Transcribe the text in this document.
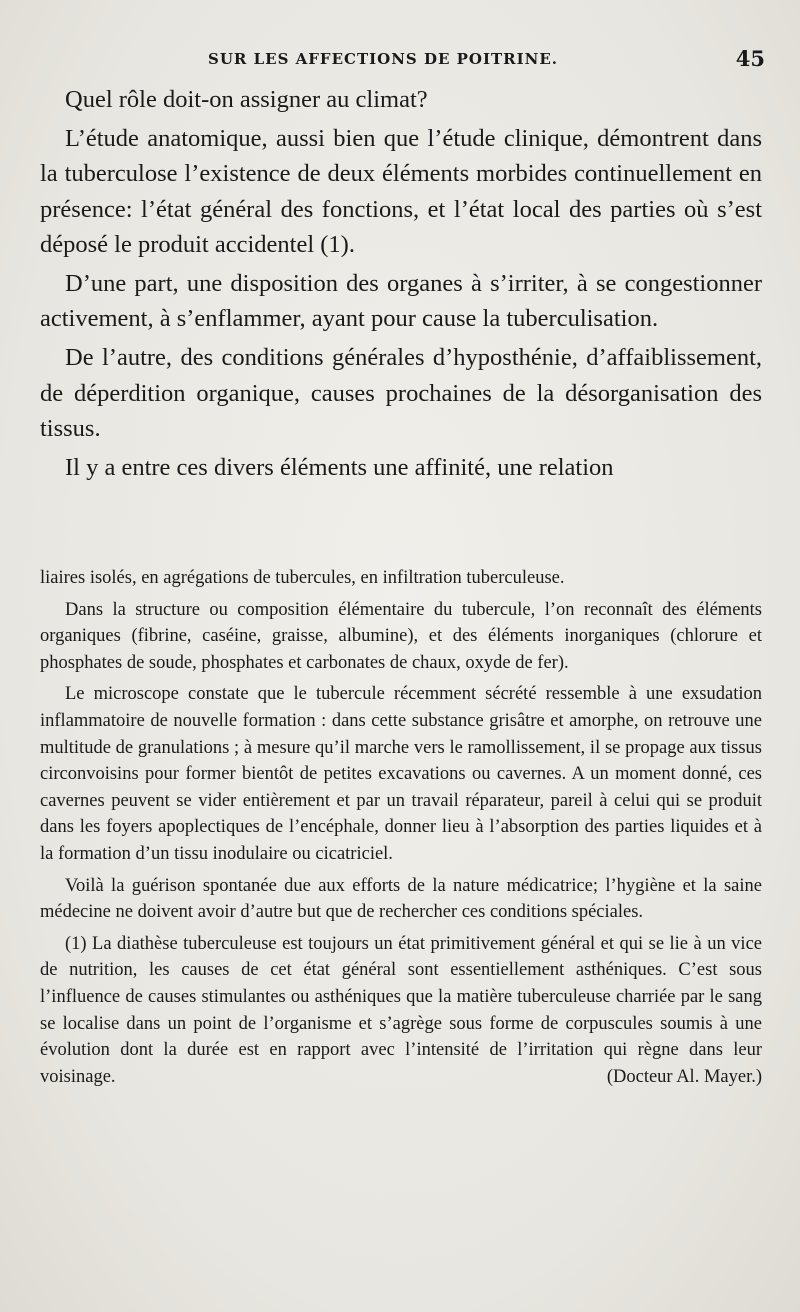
SUR LES AFFECTIONS DE POITRINE.	45

Quel rôle doit-on assigner au climat?

L’étude anatomique, aussi bien que l’étude clinique, démontrent dans la tuberculose l’existence de deux éléments morbides continuellement en présence: l’état général des fonctions, et l’état local des parties où s’est déposé le produit accidentel (1).

D’une part, une disposition des organes à s’irriter, à se congestionner activement, à s’enflammer, ayant pour cause la tuberculisation.

De l’autre, des conditions générales d’hyposthénie, d’affaiblissement, de déperdition organique, causes prochaines de la désorganisation des tissus.

Il y a entre ces divers éléments une affinité, une relation

liaires isolés, en agrégations de tubercules, en infiltration tuberculeuse.

Dans la structure ou composition élémentaire du tubercule, l’on reconnaît des éléments organiques (fibrine, caséine, graisse, albumine), et des éléments inorganiques (chlorure et phosphates de soude, phosphates et carbonates de chaux, oxyde de fer).

Le microscope constate que le tubercule récemment sécrété ressemble à une exsudation inflammatoire de nouvelle formation : dans cette substance grisâtre et amorphe, on retrouve une multitude de granulations ; à mesure qu’il marche vers le ramollissement, il se propage aux tissus circonvoisins pour former bientôt de petites excavations ou cavernes. A un moment donné, ces cavernes peuvent se vider entièrement et par un travail réparateur, pareil à celui qui se produit dans les foyers apoplectiques de l’encéphale, donner lieu à l’absorption des parties liquides et à la formation d’un tissu inodulaire ou cicatriciel.

Voilà la guérison spontanée due aux efforts de la nature médicatrice; l’hygiène et la saine médecine ne doivent avoir d’autre but que de rechercher ces conditions spéciales.

(1) La diathèse tuberculeuse est toujours un état primitivement général et qui se lie à un vice de nutrition, les causes de cet état général sont essentiellement asthéniques. C’est sous l’influence de causes stimulantes ou asthéniques que la matière tuberculeuse charriée par le sang se localise dans un point de l’organisme et s’agrège sous forme de corpuscules soumis à une évolution dont la durée est en rapport avec l’intensité de l’irritation qui règne dans leur voisinage.	(Docteur Al. Mayer.)
